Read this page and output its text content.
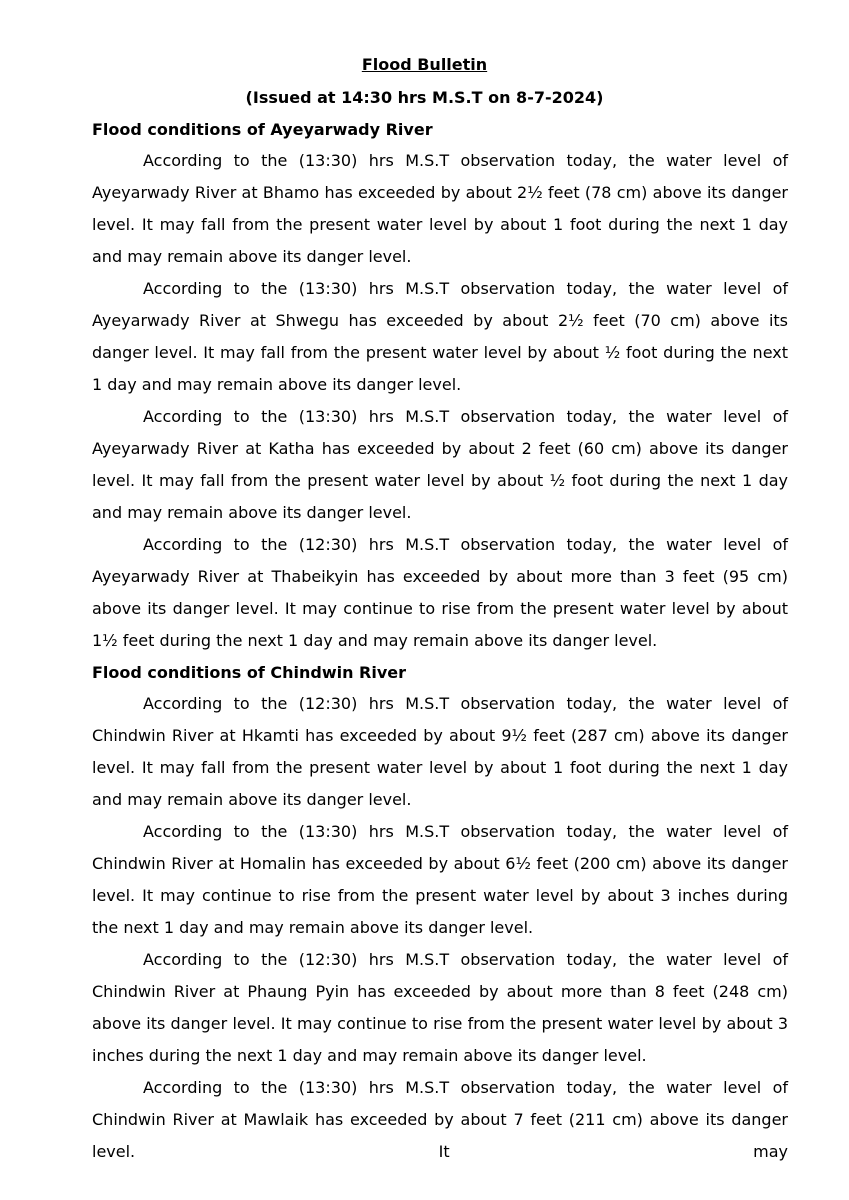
Flood Bulletin
(Issued at 14:30 hrs M.S.T on 8-7-2024)
Flood conditions of Ayeyarwady River

According to the (13:30) hrs M.S.T observation today, the water level of Ayeyarwady River at Bhamo has exceeded by about 2½ feet (78 cm) above its danger level. It may fall from the present water level by about 1 foot during the next 1 day and may remain above its danger level.

According to the (13:30) hrs M.S.T observation today, the water level of Ayeyarwady River at Shwegu has exceeded by about 2½ feet (70 cm) above its danger level. It may fall from the present water level by about ½ foot during the next 1 day and may remain above its danger level.

According to the (13:30) hrs M.S.T observation today, the water level of Ayeyarwady River at Katha has exceeded by about 2 feet (60 cm) above its danger level. It may fall from the present water level by about ½ foot during the next 1 day and may remain above its danger level.

According to the (12:30) hrs M.S.T observation today, the water level of Ayeyarwady River at Thabeikyin has exceeded by about more than 3 feet (95 cm) above its danger level. It may continue to rise from the present water level by about 1½ feet during the next 1 day and may remain above its danger level.

Flood conditions of Chindwin River

According to the (12:30) hrs M.S.T observation today, the water level of Chindwin River at Hkamti has exceeded by about 9½ feet (287 cm) above its danger level. It may fall from the present water level by about 1 foot during the next 1 day and may remain above its danger level.

According to the (13:30) hrs M.S.T observation today, the water level of Chindwin River at Homalin has exceeded by about 6½ feet (200 cm) above its danger level. It may continue to rise from the present water level by about 3 inches during the next 1 day and may remain above its danger level.

According to the (12:30) hrs M.S.T observation today, the water level of Chindwin River at Phaung Pyin has exceeded by about more than 8 feet (248 cm) above its danger level. It may continue to rise from the present water level by about 3 inches during the next 1 day and may remain above its danger level.

According to the (13:30) hrs M.S.T observation today, the water level of Chindwin River at Mawlaik has exceeded by about 7 feet (211 cm) above its danger level. It may
